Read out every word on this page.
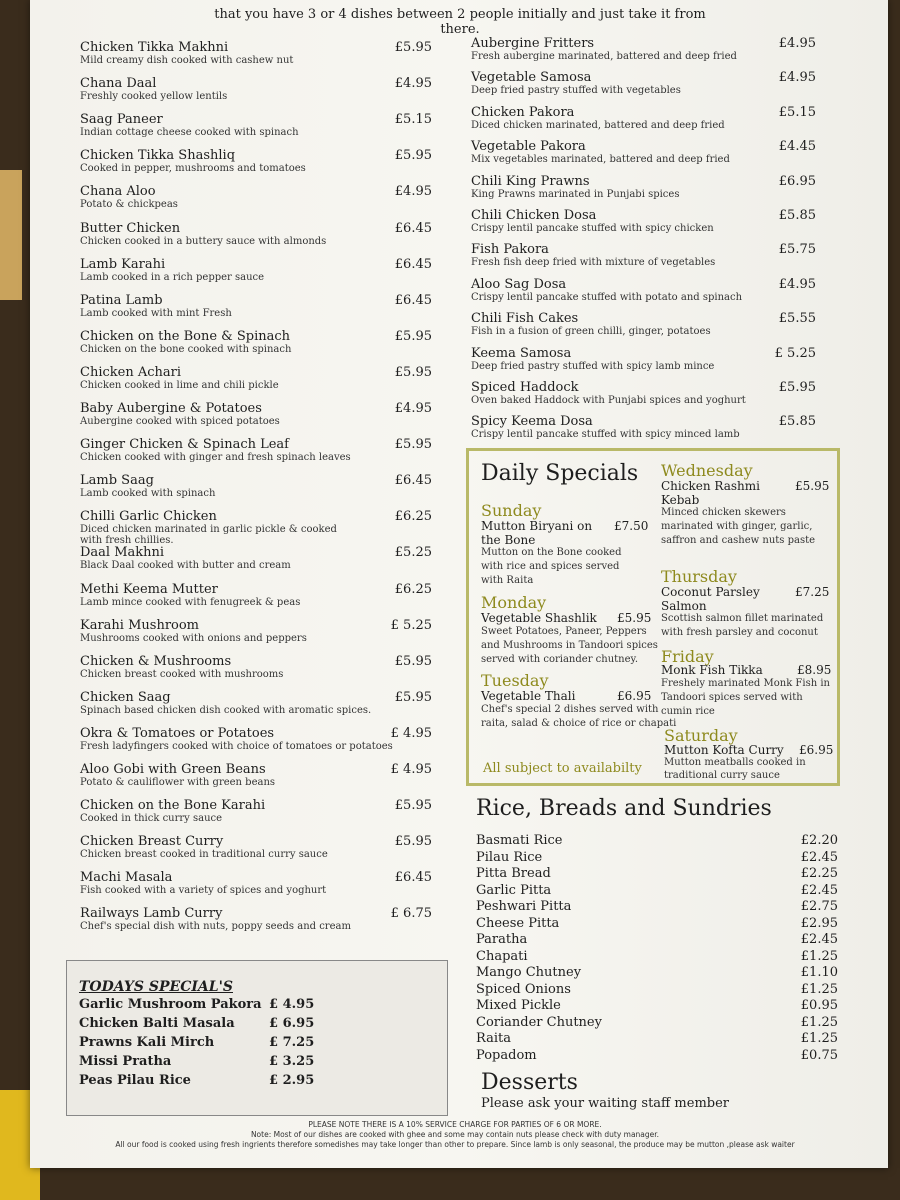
that you have 3 or 4 dishes between 2 people initially and just take it from there.
Chicken Tikka Makhni
Mild creamy dish cooked with cashew nut
£5.95
Chana Daal
Freshly cooked yellow lentils
£4.95
Saag Paneer
Indian cottage cheese cooked with spinach
£5.15
Chicken Tikka Shashliq
Cooked in pepper, mushrooms and tomatoes
£5.95
Chana Aloo
Potato & chickpeas
£4.95
Butter Chicken
Chicken cooked in a buttery sauce with almonds
£6.45
Lamb Karahi
Lamb cooked in a rich pepper sauce
£6.45
Patina Lamb
Lamb cooked with mint Fresh
£6.45
Chicken on the Bone & Spinach
Chicken on the bone cooked with spinach
£5.95
Chicken Achari
Chicken cooked in lime and chili pickle
£5.95
Baby Aubergine & Potatoes
Aubergine cooked with spiced potatoes
£4.95
Ginger Chicken & Spinach Leaf
Chicken cooked with ginger and fresh spinach leaves
£5.95
Lamb Saag
Lamb cooked with spinach
£6.45
Chilli Garlic Chicken
Diced chicken marinated in garlic pickle & cooked
with fresh chillies.
£6.25
Daal Makhni
Black Daal cooked with butter and cream
£5.25
Methi Keema Mutter
Lamb mince cooked with fenugreek & peas
£6.25
Karahi Mushroom
Mushrooms cooked with onions and peppers
£ 5.25
Chicken & Mushrooms
Chicken breast cooked with mushrooms
£5.95
Chicken Saag
Spinach based chicken dish cooked with aromatic spices.
£5.95
Okra & Tomatoes or Potatoes
Fresh ladyfingers cooked with choice of tomatoes or potatoes
£ 4.95
Aloo Gobi with Green Beans
Potato & cauliflower with green beans
£ 4.95
Chicken on the Bone Karahi
Cooked in thick curry sauce
£5.95
Chicken Breast Curry
Chicken breast cooked in traditional curry sauce
£5.95
Machi Masala
Fish cooked with a variety of spices and yoghurt
£6.45
Railways Lamb Curry
Chef's special dish with nuts, poppy seeds and cream
£ 6.75
Aubergine Fritters
Fresh aubergine marinated, battered and deep fried
£4.95
Vegetable Samosa
Deep fried pastry stuffed with vegetables
£4.95
Chicken Pakora
Diced chicken marinated, battered and deep fried
£5.15
Vegetable Pakora
Mix vegetables marinated, battered and deep fried
£4.45
Chili King Prawns
King Prawns marinated in Punjabi spices
£6.95
Chili Chicken Dosa
Crispy lentil pancake stuffed with spicy chicken
£5.85
Fish Pakora
Fresh fish deep fried with mixture of vegetables
£5.75
Aloo Sag Dosa
Crispy lentil pancake stuffed with potato and spinach
£4.95
Chili Fish Cakes
Fish in a fusion of green chilli, ginger, potatoes
£5.55
Keema Samosa
Deep fried pastry stuffed with spicy lamb mince
£ 5.25
Spiced Haddock
Oven baked Haddock with Punjabi spices and yoghurt
£5.95
Spicy Keema Dosa
Crispy lentil pancake stuffed with spicy minced lamb
£5.85
Daily Specials
Sunday
Mutton Biryani on
the Bone
£7.50
Mutton on the Bone cooked
with rice and spices served
with Raita
Monday
Vegetable Shashlik £5.95
Sweet Potatoes, Paneer, Peppers
and Mushrooms in Tandoori spices
served with coriander chutney.
Tuesday
Vegetable Thali	£6.95
Chef's special 2 dishes served with
raita, salad & choice of rice or chapati
Wednesday
Chicken Rashmi
Kebab
£5.95
Minced chicken skewers
marinated with ginger, garlic,
saffron and cashew nuts paste
Thursday
Coconut Parsley
Salmon
£7.25
Scottish salmon fillet marinated
with fresh parsley and coconut
Friday
Monk Fish Tikka	£8.95
Freshely marinated Monk Fish in
Tandoori spices served with
cumin rice
Saturday
Mutton Kofta Curry £6.95
Mutton meatballs cooked in
traditional curry sauce
All subject to availabilty
Rice, Breads and Sundries
Basmati Rice	£2.20
Pilau Rice	£2.45
Pitta Bread	£2.25
Garlic Pitta	£2.45
Peshwari Pitta	£2.75
Cheese Pitta	£2.95
Paratha	£2.45
Chapati	£1.25
Mango Chutney	£1.10
Spiced Onions	£1.25
Mixed Pickle	£0.95
Coriander Chutney	£1.25
Raita	£1.25
Popadom	£0.75
Desserts
Please ask your waiting staff member
TODAYS SPECIAL'S
Garlic Mushroom Pakora £ 4.95
Chicken Balti Masala	£ 6.95
Prawns Kali Mirch	£ 7.25
Missi Pratha	£ 3.25
Peas Pilau Rice	£ 2.95
PLEASE NOTE THERE IS A 10% SERVICE CHARGE FOR PARTIES OF 6 OR MORE.
Note: Most of our dishes are cooked with ghee and some may contain nuts please check with duty manager.
All our food is cooked using fresh ingrients therefore somedishes may take longer than other to prepare. Since lamb is only seasonal, the produce may be mutton ,please ask waiter
